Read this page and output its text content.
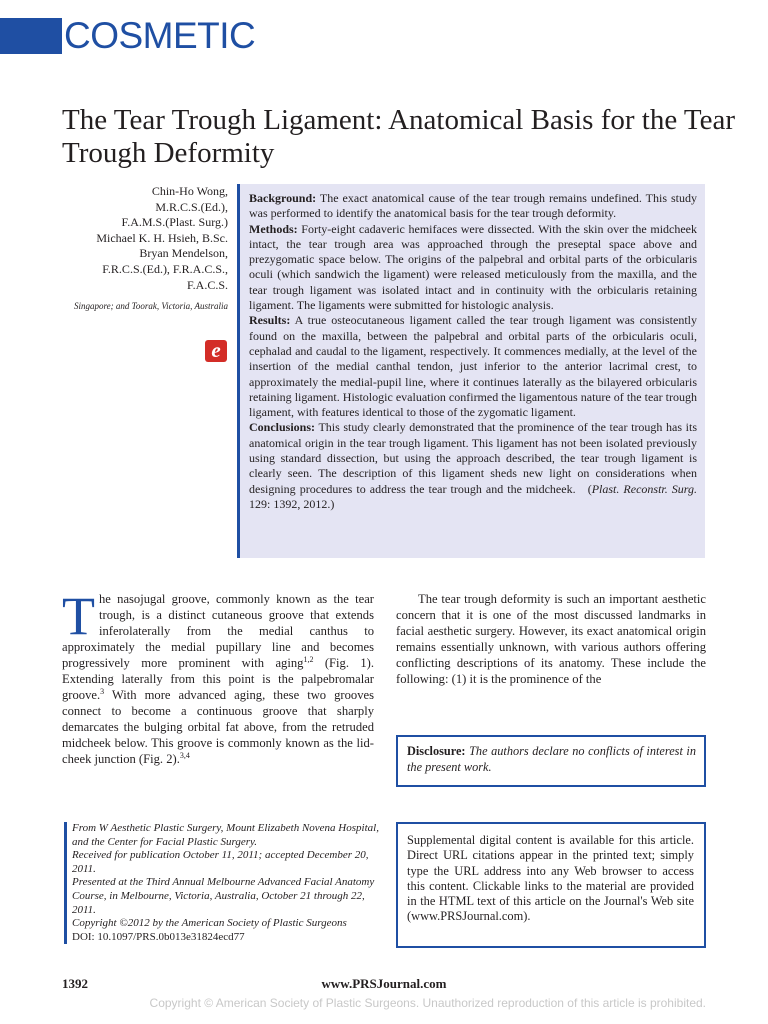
COSMETIC
The Tear Trough Ligament: Anatomical Basis for the Tear Trough Deformity
Chin-Ho Wong,
M.R.C.S.(Ed.),
F.A.M.S.(Plast. Surg.)
Michael K. H. Hsieh, B.Sc.
Bryan Mendelson,
F.R.C.S.(Ed.), F.R.A.C.S.,
F.A.C.S.
Singapore; and Toorak, Victoria, Australia
e

Background: The exact anatomical cause of the tear trough remains undefined. This study was performed to identify the anatomical basis for the tear trough deformity.

Methods: Forty-eight cadaveric hemifaces were dissected. With the skin over the midcheek intact, the tear trough area was approached through the preseptal space above and prezygomatic space below. The origins of the palpebral and orbital parts of the orbicularis oculi (which sandwich the ligament) were released meticulously from the maxilla, and the tear trough ligament was isolated intact and in continuity with the orbicularis retaining ligament. The ligaments were submitted for histologic analysis.

Results: A true osteocutaneous ligament called the tear trough ligament was consistently found on the maxilla, between the palpebral and orbital parts of the orbicularis oculi, cephalad and caudal to the ligament, respectively. It commences medially, at the level of the insertion of the medial canthal tendon, just inferior to the anterior lacrimal crest, to approximately the medial-pupil line, where it continues laterally as the bilayered orbicularis retaining ligament. Histologic evaluation confirmed the ligamentous nature of the tear trough ligament, with features identical to those of the zygomatic ligament.

Conclusions: This study clearly demonstrated that the prominence of the tear trough has its anatomical origin in the tear trough ligament. This ligament has not been isolated previously using standard dissection, but using the approach described, the tear trough ligament is clearly seen. The description of this ligament sheds new light on considerations when designing procedures to address the tear trough and the midcheek.   (Plast. Reconstr. Surg. 129: 1392, 2012.)

The nasojugal groove, commonly known as the tear trough, is a distinct cutaneous groove that extends inferolaterally from the medial canthus to approximately the medial pupillary line and becomes progressively more prominent with aging$^{1,2}$ (Fig. 1). Extending laterally from this point is the palpebromalar groove.$^3$ With more advanced aging, these two grooves connect to become a continuous groove that sharply demarcates the bulging orbital fat above, from the retruded midcheek below. This groove is commonly known as the lid-cheek junction (Fig. 2).$^{3,4}$
The tear trough deformity is such an important aesthetic concern that it is one of the most discussed landmarks in facial aesthetic surgery. However, its exact anatomical origin remains essentially unknown, with various authors offering conflicting descriptions of its anatomy. These include the following: (1) it is the prominence of the
Disclosure: The authors declare no conflicts of interest in the present work.
From W Aesthetic Plastic Surgery, Mount Elizabeth Novena Hospital, and the Center for Facial Plastic Surgery.
Received for publication October 11, 2011; accepted December 20, 2011.
Presented at the Third Annual Melbourne Advanced Facial Anatomy Course, in Melbourne, Victoria, Australia, October 21 through 22, 2011.
Copyright ©2012 by the American Society of Plastic Surgeons
DOI: 10.1097/PRS.0b013e31824ecd77
Supplemental digital content is available for this article. Direct URL citations appear in the printed text; simply type the URL address into any Web browser to access this content. Clickable links to the material are provided in the HTML text of this article on the Journal's Web site (www.PRSJournal.com).
1392	www.PRSJournal.com
Copyright © American Society of Plastic Surgeons. Unauthorized reproduction of this article is prohibited.
